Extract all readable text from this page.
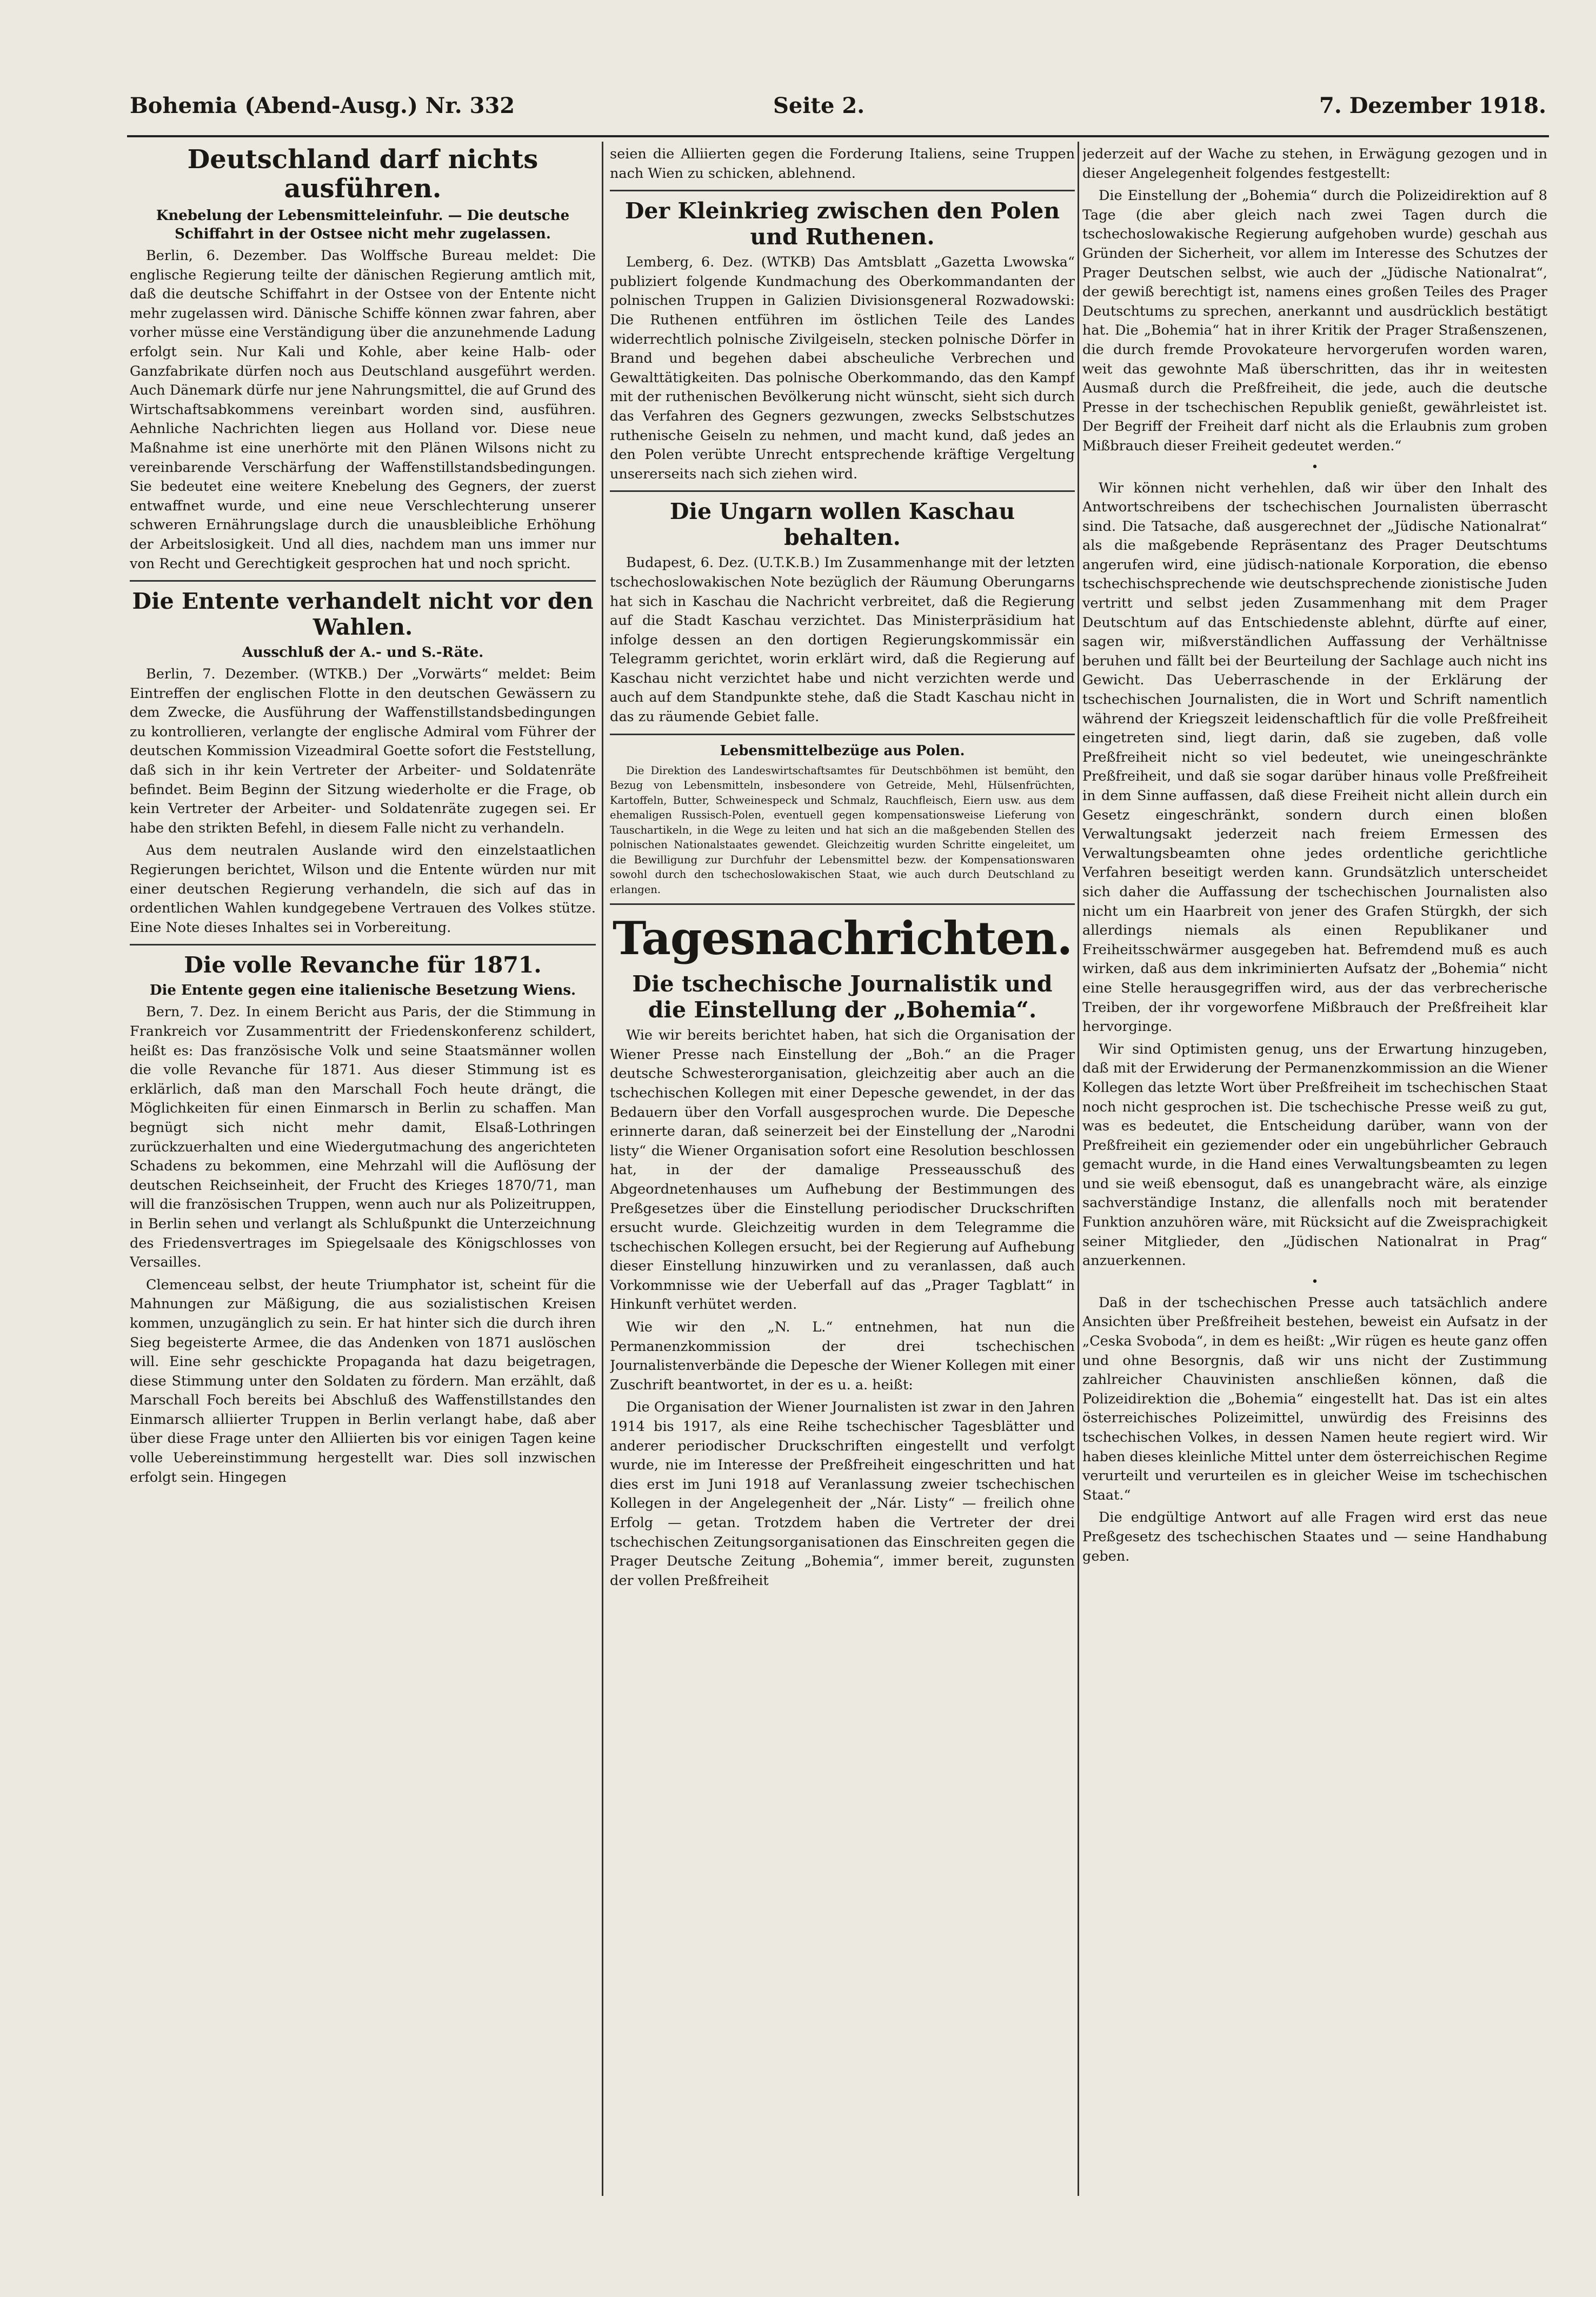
Bohemia (Abend-Ausg.) Nr. 332	Seite 2.	7. Dezember 1918.
Deutschland darf nichts ausführen.
Knebelung der Lebensmitteleinfuhr. — Die deutsche Schiffahrt in der Ostsee nicht mehr zugelassen.

Berlin, 6. Dezember. Das Wolffsche Bureau meldet: Die englische Regierung teilte der dänischen Regierung amtlich mit, daß die deutsche Schiffahrt in der Ostsee von der Entente nicht mehr zugelassen wird. Dänische Schiffe können zwar fahren, aber vorher müsse eine Verständigung über die anzunehmende Ladung erfolgt sein. Nur Kali und Kohle, aber keine Halb- oder Ganzfabrikate dürfen noch aus Deutschland ausgeführt werden. Auch Dänemark dürfe nur jene Nahrungsmittel, die auf Grund des Wirtschaftsabkommens vereinbart worden sind, ausführen. Aehnliche Nachrichten liegen aus Holland vor. Diese neue Maßnahme ist eine unerhörte mit den Plänen Wilsons nicht zu vereinbarende Verschärfung der Waffenstillstandsbedingungen. Sie bedeutet eine weitere Knebelung des Gegners, der zuerst entwaffnet wurde, und eine neue Verschlechterung unserer schweren Ernährungslage durch die unausbleibliche Erhöhung der Arbeitslosigkeit. Und all dies, nachdem man uns immer nur von Recht und Gerechtigkeit gesprochen hat und noch spricht.

Die Entente verhandelt nicht vor den Wahlen.
Ausschluß der A.- und S.-Räte.

Berlin, 7. Dezember. (WTKB.) Der „Vorwärts“ meldet: Beim Eintreffen der englischen Flotte in den deutschen Gewässern zu dem Zwecke, die Ausführung der Waffenstillstandsbedingungen zu kontrollieren, verlangte der englische Admiral vom Führer der deutschen Kommission Vizeadmiral Goette sofort die Feststellung, daß sich in ihr kein Vertreter der Arbeiter- und Soldatenräte befindet. Beim Beginn der Sitzung wiederholte er die Frage, ob kein Vertreter der Arbeiter- und Soldatenräte zugegen sei. Er habe den strikten Befehl, in diesem Falle nicht zu verhandeln.

Aus dem neutralen Auslande wird den einzelstaatlichen Regierungen berichtet, Wilson und die Entente würden nur mit einer deutschen Regierung verhandeln, die sich auf das in ordentlichen Wahlen kundgegebene Vertrauen des Volkes stütze. Eine Note dieses Inhaltes sei in Vorbereitung.

Die volle Revanche für 1871.
Die Entente gegen eine italienische Besetzung Wiens.

Bern, 7. Dez. In einem Bericht aus Paris, der die Stimmung in Frankreich vor Zusammentritt der Friedenskonferenz schildert, heißt es: Das französische Volk und seine Staatsmänner wollen die volle Revanche für 1871. Aus dieser Stimmung ist es erklärlich, daß man den Marschall Foch heute drängt, die Möglichkeiten für einen Einmarsch in Berlin zu schaffen. Man begnügt sich nicht mehr damit, Elsaß-Lothringen zurückzuerhalten und eine Wiedergutmachung des angerichteten Schadens zu bekommen, eine Mehrzahl will die Auflösung der deutschen Reichseinheit, der Frucht des Krieges 1870/71, man will die französischen Truppen, wenn auch nur als Polizeitruppen, in Berlin sehen und verlangt als Schlußpunkt die Unterzeichnung des Friedensvertrages im Spiegelsaale des Königschlosses von Versailles.

Clemenceau selbst, der heute Triumphator ist, scheint für die Mahnungen zur Mäßigung, die aus sozialistischen Kreisen kommen, unzugänglich zu sein. Er hat hinter sich die durch ihren Sieg begeisterte Armee, die das Andenken von 1871 auslöschen will. Eine sehr geschickte Propaganda hat dazu beigetragen, diese Stimmung unter den Soldaten zu fördern. Man erzählt, daß Marschall Foch bereits bei Abschluß des Waffenstillstandes den Einmarsch alliierter Truppen in Berlin verlangt habe, daß aber über diese Frage unter den Alliierten bis vor einigen Tagen keine volle Uebereinstimmung hergestellt war. Dies soll inzwischen erfolgt sein. Hingegen

seien die Alliierten gegen die Forderung Italiens, seine Truppen nach Wien zu schicken, ablehnend.

Der Kleinkrieg zwischen den Polen und Ruthenen.

Lemberg, 6. Dez. (WTKB) Das Amtsblatt „Gazetta Lwowska“ publiziert folgende Kundmachung des Oberkommandanten der polnischen Truppen in Galizien Divisionsgeneral Rozwadowski: Die Ruthenen entführen im östlichen Teile des Landes widerrechtlich polnische Zivilgeiseln, stecken polnische Dörfer in Brand und begehen dabei abscheuliche Verbrechen und Gewalttätigkeiten. Das polnische Oberkommando, das den Kampf mit der ruthenischen Bevölkerung nicht wünscht, sieht sich durch das Verfahren des Gegners gezwungen, zwecks Selbstschutzes ruthenische Geiseln zu nehmen, und macht kund, daß jedes an den Polen verübte Unrecht entsprechende kräftige Vergeltung unsererseits nach sich ziehen wird.

Die Ungarn wollen Kaschau behalten.

Budapest, 6. Dez. (U.T.K.B.) Im Zusammenhange mit der letzten tschechoslowakischen Note bezüglich der Räumung Oberungarns hat sich in Kaschau die Nachricht verbreitet, daß die Regierung auf die Stadt Kaschau verzichtet. Das Ministerpräsidium hat infolge dessen an den dortigen Regierungskommissär ein Telegramm gerichtet, worin erklärt wird, daß die Regierung auf Kaschau nicht verzichtet habe und nicht verzichten werde und auch auf dem Standpunkte stehe, daß die Stadt Kaschau nicht in das zu räumende Gebiet falle.

Lebensmittelbezüge aus Polen.

Die Direktion des Landeswirtschaftsamtes für Deutschböhmen ist bemüht, den Bezug von Lebensmitteln, insbesondere von Getreide, Mehl, Hülsenfrüchten, Kartoffeln, Butter, Schweinespeck und Schmalz, Rauchfleisch, Eiern usw. aus dem ehemaligen Russisch-Polen, eventuell gegen kompensationsweise Lieferung von Tauschartikeln, in die Wege zu leiten und hat sich an die maßgebenden Stellen des polnischen Nationalstaates gewendet. Gleichzeitig wurden Schritte eingeleitet, um die Bewilligung zur Durchfuhr der Lebensmittel bezw. der Kompensationswaren sowohl durch den tschechoslowakischen Staat, wie auch durch Deutschland zu erlangen.

Tagesnachrichten.
Die tschechische Journalistik und die Einstellung der „Bohemia“.

Wie wir bereits berichtet haben, hat sich die Organisation der Wiener Presse nach Einstellung der „Boh.“ an die Prager deutsche Schwesterorganisation, gleichzeitig aber auch an die tschechischen Kollegen mit einer Depesche gewendet, in der das Bedauern über den Vorfall ausgesprochen wurde. Die Depesche erinnerte daran, daß seinerzeit bei der Einstellung der „Narodni listy“ die Wiener Organisation sofort eine Resolution beschlossen hat, in der der damalige Presseausschuß des Abgeordnetenhauses um Aufhebung der Bestimmungen des Preßgesetzes über die Einstellung periodischer Druckschriften ersucht wurde. Gleichzeitig wurden in dem Telegramme die tschechischen Kollegen ersucht, bei der Regierung auf Aufhebung dieser Einstellung hinzuwirken und zu veranlassen, daß auch Vorkommnisse wie der Ueberfall auf das „Prager Tagblatt“ in Hinkunft verhütet werden.

Wie wir den „N. L.“ entnehmen, hat nun die Permanenzkommission der drei tschechischen Journalistenverbände die Depesche der Wiener Kollegen mit einer Zuschrift beantwortet, in der es u. a. heißt:

Die Organisation der Wiener Journalisten ist zwar in den Jahren 1914 bis 1917, als eine Reihe tschechischer Tagesblätter und anderer periodischer Druckschriften eingestellt und verfolgt wurde, nie im Interesse der Preßfreiheit eingeschritten und hat dies erst im Juni 1918 auf Veranlassung zweier tschechischen Kollegen in der Angelegenheit der „Nár. Listy“ — freilich ohne Erfolg — getan. Trotzdem haben die Vertreter der drei tschechischen Zeitungsorganisationen das Einschreiten gegen die Prager Deutsche Zeitung „Bohemia“, immer bereit, zugunsten der vollen Preßfreiheit

jederzeit auf der Wache zu stehen, in Erwägung gezogen und in dieser Angelegenheit folgendes festgestellt:

Die Einstellung der „Bohemia“ durch die Polizeidirektion auf 8 Tage (die aber gleich nach zwei Tagen durch die tschechoslowakische Regierung aufgehoben wurde) geschah aus Gründen der Sicherheit, vor allem im Interesse des Schutzes der Prager Deutschen selbst, wie auch der „Jüdische Nationalrat“, der gewiß berechtigt ist, namens eines großen Teiles des Prager Deutschtums zu sprechen, anerkannt und ausdrücklich bestätigt hat. Die „Bohemia“ hat in ihrer Kritik der Prager Straßenszenen, die durch fremde Provokateure hervorgerufen worden waren, weit das gewohnte Maß überschritten, das ihr in weitesten Ausmaß durch die Preßfreiheit, die jede, auch die deutsche Presse in der tschechischen Republik genießt, gewährleistet ist. Der Begriff der Freiheit darf nicht als die Erlaubnis zum groben Mißbrauch dieser Freiheit gedeutet werden.“

•

Wir können nicht verhehlen, daß wir über den Inhalt des Antwortschreibens der tschechischen Journalisten überrascht sind. Die Tatsache, daß ausgerechnet der „Jüdische Nationalrat“ als die maßgebende Repräsentanz des Prager Deutschtums angerufen wird, eine jüdisch-nationale Korporation, die ebenso tschechischsprechende wie deutschsprechende zionistische Juden vertritt und selbst jeden Zusammenhang mit dem Prager Deutschtum auf das Entschiedenste ablehnt, dürfte auf einer, sagen wir, mißverständlichen Auffassung der Verhältnisse beruhen und fällt bei der Beurteilung der Sachlage auch nicht ins Gewicht. Das Ueberraschende in der Erklärung der tschechischen Journalisten, die in Wort und Schrift namentlich während der Kriegszeit leidenschaftlich für die volle Preßfreiheit eingetreten sind, liegt darin, daß sie zugeben, daß volle Preßfreiheit nicht so viel bedeutet, wie uneingeschränkte Preßfreiheit, und daß sie sogar darüber hinaus volle Preßfreiheit in dem Sinne auffassen, daß diese Freiheit nicht allein durch ein Gesetz eingeschränkt, sondern durch einen bloßen Verwaltungsakt jederzeit nach freiem Ermessen des Verwaltungsbeamten ohne jedes ordentliche gerichtliche Verfahren beseitigt werden kann. Grundsätzlich unterscheidet sich daher die Auffassung der tschechischen Journalisten also nicht um ein Haarbreit von jener des Grafen Stürgkh, der sich allerdings niemals als einen Republikaner und Freiheitsschwärmer ausgegeben hat. Befremdend muß es auch wirken, daß aus dem inkriminierten Aufsatz der „Bohemia“ nicht eine Stelle herausgegriffen wird, aus der das verbrecherische Treiben, der ihr vorgeworfene Mißbrauch der Preßfreiheit klar hervorginge.

Wir sind Optimisten genug, uns der Erwartung hinzugeben, daß mit der Erwiderung der Permanenzkommission an die Wiener Kollegen das letzte Wort über Preßfreiheit im tschechischen Staat noch nicht gesprochen ist. Die tschechische Presse weiß zu gut, was es bedeutet, die Entscheidung darüber, wann von der Preßfreiheit ein geziemender oder ein ungebührlicher Gebrauch gemacht wurde, in die Hand eines Verwaltungsbeamten zu legen und sie weiß ebensogut, daß es unangebracht wäre, als einzige sachverständige Instanz, die allenfalls noch mit beratender Funktion anzuhören wäre, mit Rücksicht auf die Zweisprachigkeit seiner Mitglieder, den „Jüdischen Nationalrat in Prag“ anzuerkennen.

•

Daß in der tschechischen Presse auch tatsächlich andere Ansichten über Preßfreiheit bestehen, beweist ein Aufsatz in der „Ceska Svoboda“, in dem es heißt: „Wir rügen es heute ganz offen und ohne Besorgnis, daß wir uns nicht der Zustimmung zahlreicher Chauvinisten anschließen können, daß die Polizeidirektion die „Bohemia“ eingestellt hat. Das ist ein altes österreichisches Polizeimittel, unwürdig des Freisinns des tschechischen Volkes, in dessen Namen heute regiert wird. Wir haben dieses kleinliche Mittel unter dem österreichischen Regime verurteilt und verurteilen es in gleicher Weise im tschechischen Staat.“

Die endgültige Antwort auf alle Fragen wird erst das neue Preßgesetz des tschechischen Staates und — seine Handhabung geben.
